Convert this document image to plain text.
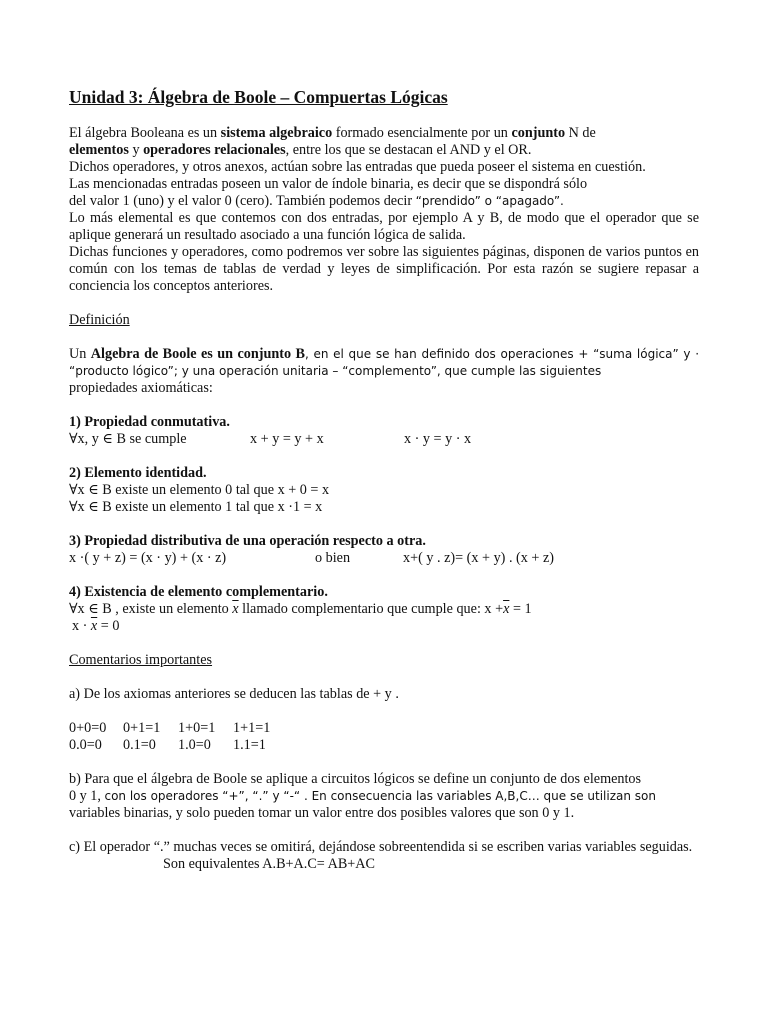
Unidad 3: Álgebra de Boole – Compuertas Lógicas

El álgebra Booleana es un sistema algebraico formado esencialmente por un conjunto N de

elementos y operadores relacionales, entre los que se destacan el AND y el OR.

Dichos operadores, y otros anexos, actúan sobre las entradas que pueda poseer el sistema en cuestión.

Las mencionadas entradas poseen un valor de índole binaria, es decir que se dispondrá sólo

del valor 1 (uno) y el valor 0 (cero). También podemos decir “prendido” o “apagado”.

Lo más elemental es que contemos con dos entradas, por ejemplo A y B, de modo que el operador que se aplique generará un resultado asociado a una función lógica de salida.

Dichas funciones y operadores, como podremos ver sobre las siguientes páginas, disponen de varios puntos en común con los temas de tablas de verdad y leyes de simplificación. Por esta razón se sugiere repasar a conciencia los conceptos anteriores.

Definición

Un Algebra de Boole es un conjunto B, en el que se han definido dos operaciones + “suma lógica” y · “producto lógico”; y una operación unitaria – “complemento”, que cumple las siguientes

propiedades axiomáticas:

1) Propiedad conmutativa.

∀x, y ∈ B se cumple	x + y = y + x	x · y = y · x

2) Elemento identidad.

∀x ∈ B existe un elemento 0 tal que x + 0 = x

∀x ∈ B existe un elemento 1 tal que x ·1 = x

3) Propiedad distributiva de una operación respecto a otra.

x ·( y + z) = (x · y) + (x · z)	o bien	x+( y . z)= (x + y) . (x + z)

4) Existencia de elemento complementario.

∀x ∈ B , existe un elemento $\overline{x}$ llamado complementario que cumple que: $x +\overline{x} = 1$

$x \cdot \overline{x} = 0$

Comentarios importantes

a) De los axiomas anteriores se deducen las tablas de + y .

0+0=0	0+1=1	1+0=1	1+1=1
0.0=0	0.1=0	1.0=0	1.1=1

b) Para que el álgebra de Boole se aplique a circuitos lógicos se define un conjunto de dos elementos

0 y 1, con los operadores “+”, “.” y “-“ . En consecuencia las variables A,B,C… que se utilizan son

variables binarias, y solo pueden tomar un valor entre dos posibles valores que son 0 y 1.

c) El operador “.” muchas veces se omitirá, dejándose sobreentendida si se escriben varias variables seguidas.

Son equivalentes A.B+A.C= AB+AC
